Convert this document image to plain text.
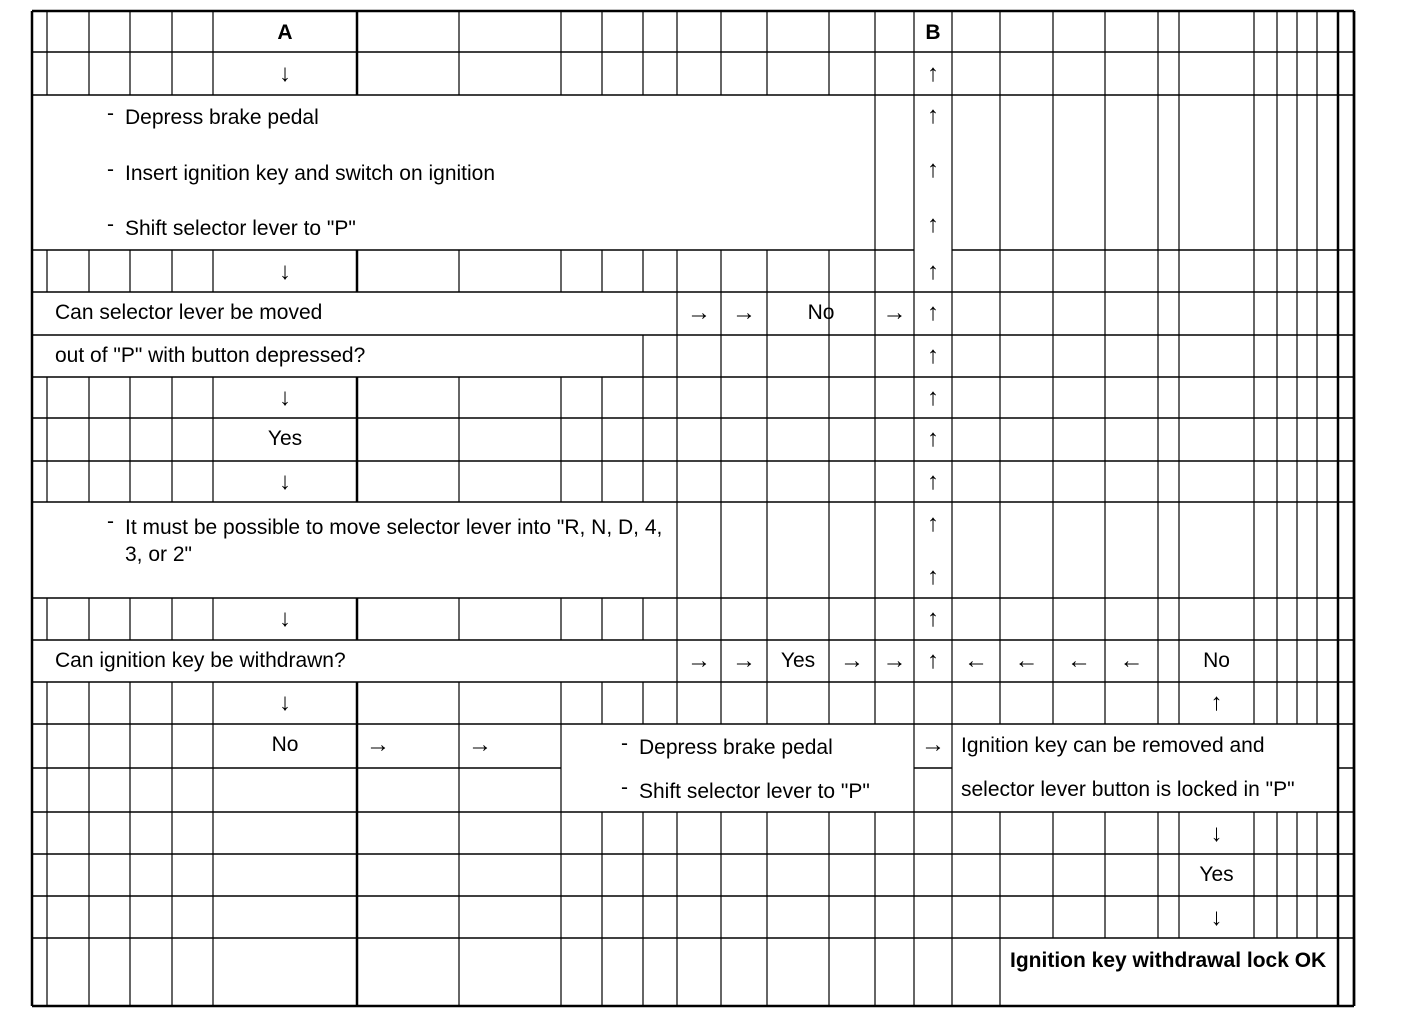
A	B
↓	↑
- Depress brake pedal
- Insert ignition key and switch on ignition
- Shift selector lever to "P"
↑
↑
↑
↓	↑
Can selector lever be moved	→ →	No	→ ↑
out of "P" with button depressed?	↑
↓	↑
Yes	↑
↓	↑
- It must be possible to move selector lever into "R, N, D, 4, 3, or 2"
↑
↑
↓	↑
Can ignition key be withdrawn?	→ →	Yes	→ → ↑	←	←	←	←	No
↓	↑
No	→	→	- Depress brake pedal	→ Ignition key can be removed and
- Shift selector lever to "P"	selector lever button is locked in "P"
↓
Yes
↓
Ignition key withdrawal lock OK
